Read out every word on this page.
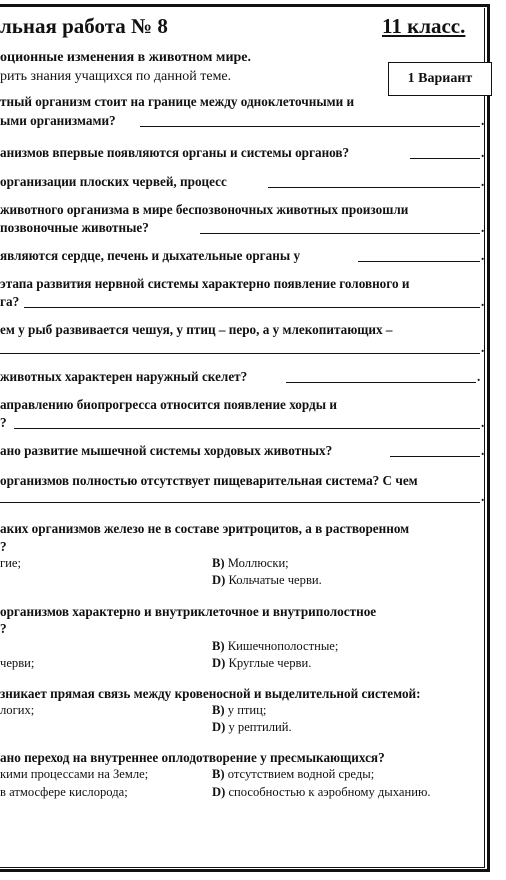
льная работа № 8	11 класс.
оционные изменения в животном мире.
рить знания учащихся по данной теме.	1 Вариант
тный организм стоит на границе между одноклеточными и
ыми организмами?	.
анизмов впервые появляются органы и системы органов?	.
организации плоских червей, процесс	.
животного организма в мире беспозвоночных животных произошли
позвоночные животные?	.
являются сердце, печень и дыхательные органы у	.
этапа развития нервной системы характерно появление головного и
га?	.
ем у рыб развивается чешуя, у птиц – перо, а у млекопитающих –
.
животных характерен наружный скелет?	.
аправлению биопрогресса относится появление хорды и
?	.
ано развитие мышечной системы хордовых животных?	.
организмов полностью отсутствует пищеварительная система? С чем
.
аких организмов железо не в составе эритроцитов, а в растворенном
?
гие;	B) Моллюски;
D) Кольчатые черви.
организмов характерно и внутриклеточное и внутриполостное
?
B) Кишечнополостные;
черви;	D) Круглые черви.
зникает прямая связь между кровеносной и выделительной системой:
логих;	B) у птиц;
D) у рептилий.
ано переход на внутреннее оплодотворение у пресмыкающихся?
кими процессами на Земле;	B) отсутствием водной среды;
в атмосфере кислорода;	D) способностью к аэробному дыханию.
